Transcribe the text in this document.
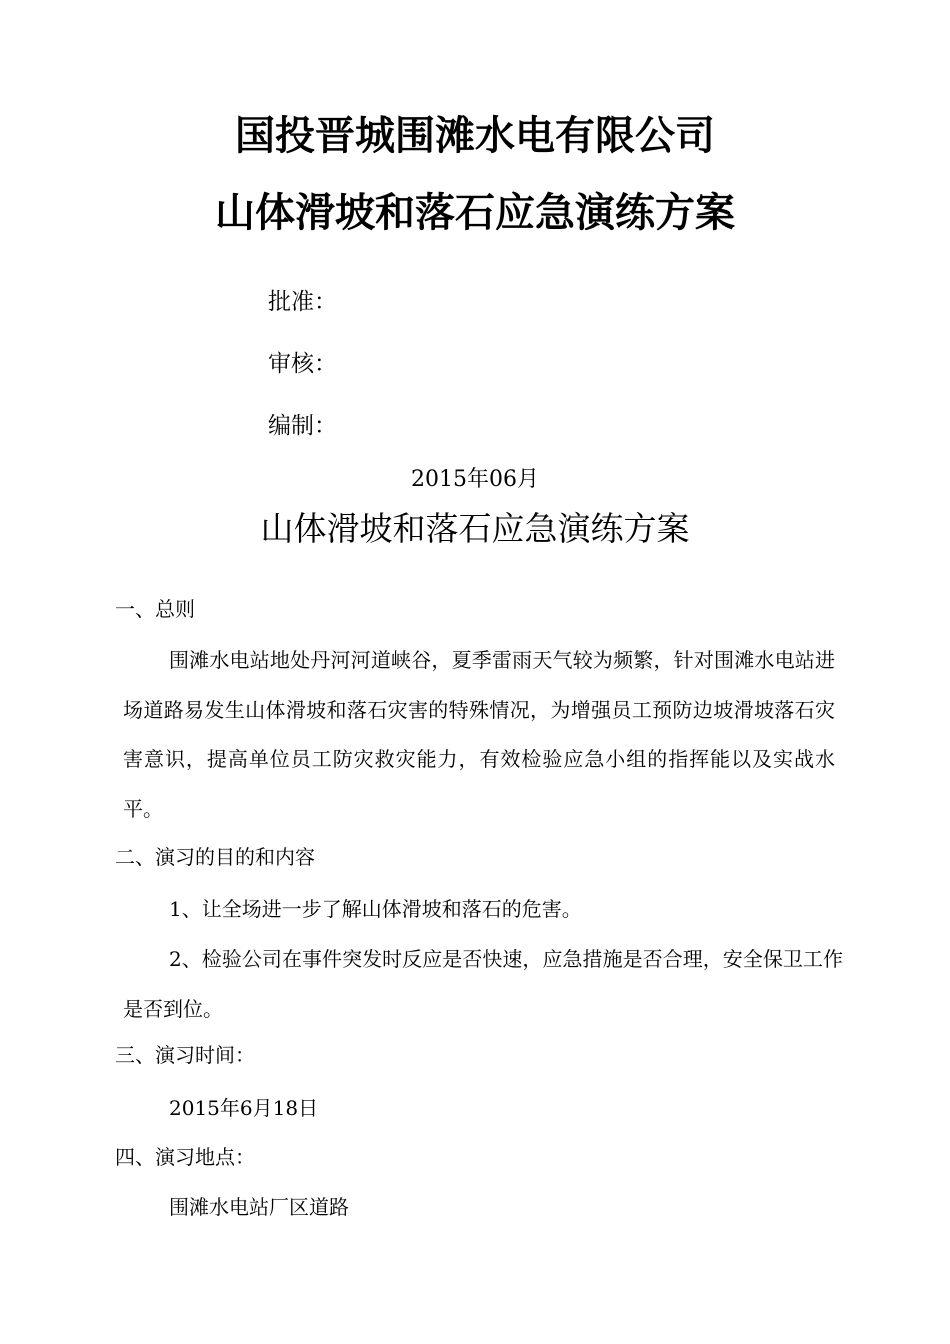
国投晋城围滩水电有限公司
山体滑坡和落石应急演练方案

批准：

审核：

编制：

2015年06月

山体滑坡和落石应急演练方案
一、总则

围滩水电站地处丹河河道峡谷，夏季雷雨天气较为频繁，针对围滩水电站进场道路易发生山体滑坡和落石灾害的特殊情况，为增强员工预防边坡滑坡落石灾害意识，提高单位员工防灾救灾能力，有效检验应急小组的指挥能以及实战水平。

二、演习的目的和内容

1、让全场进一步了解山体滑坡和落石的危害。

2、检验公司在事件突发时反应是否快速，应急措施是否合理，安全保卫工作是否到位。

三、演习时间：

2015年6月18日

四、演习地点：

围滩水电站厂区道路
